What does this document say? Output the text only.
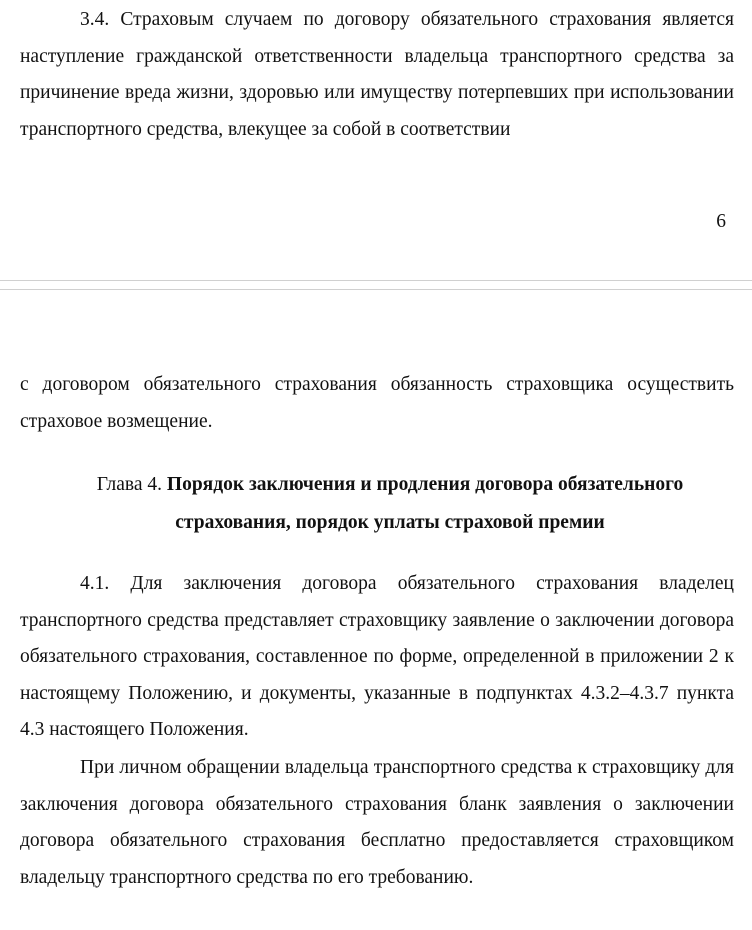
3.4. Страховым случаем по договору обязательного страхования является наступление гражданской ответственности владельца транспортного средства за причинение вреда жизни, здоровью или имуществу потерпевших при использовании транспортного средства, влекущее за собой в соответствии

6

с договором обязательного страхования обязанность страховщика осуществить страховое возмещение.

Глава 4. Порядок заключения и продления договора обязательного страхования, порядок уплаты страховой премии

4.1. Для заключения договора обязательного страхования владелец транспортного средства представляет страховщику заявление о заключении договора обязательного страхования, составленное по форме, определенной в приложении 2 к настоящему Положению, и документы, указанные в подпунктах 4.3.2–4.3.7 пункта 4.3 настоящего Положения.

При личном обращении владельца транспортного средства к страховщику для заключения договора обязательного страхования бланк заявления о заключении договора обязательного страхования бесплатно предоставляется страховщиком владельцу транспортного средства по его требованию.
